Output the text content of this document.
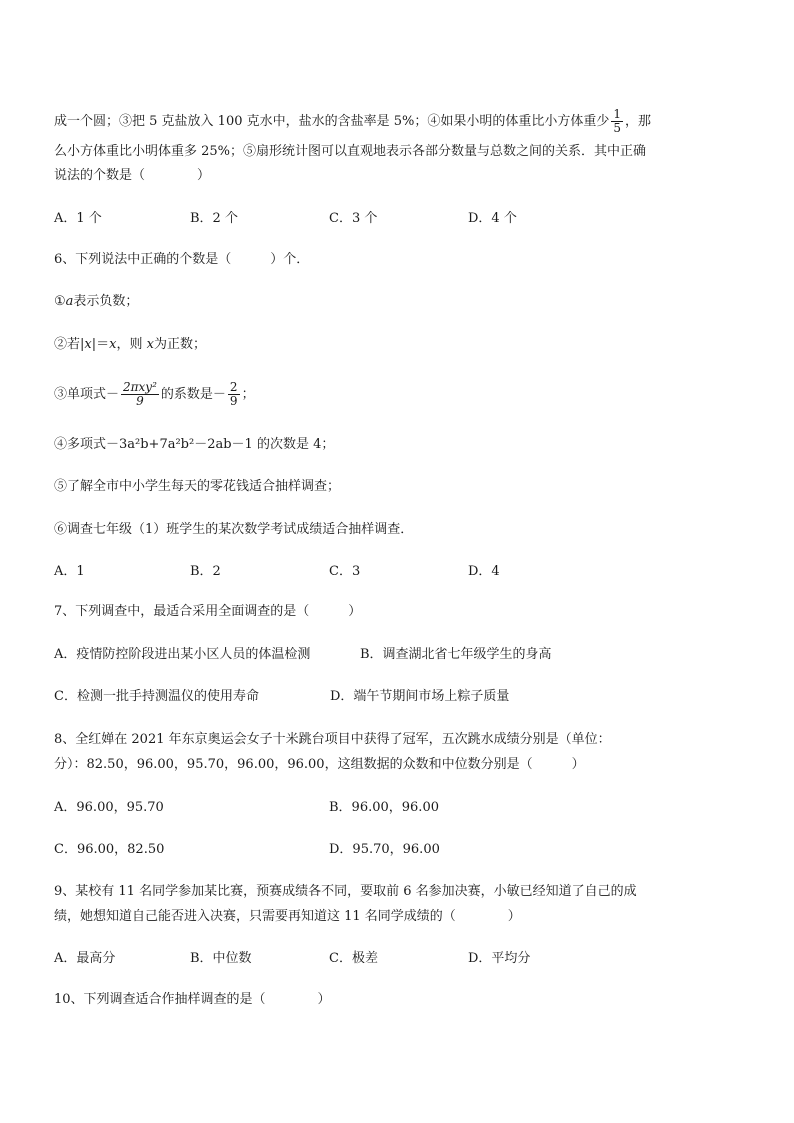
成一个圆；③把 5 克盐放入 100 克水中，盐水的含盐率是 5%；④如果小明的体重比小方体重少 $\frac{1}{5}$ ，那
么小方体重比小明体重多 25%；⑤扇形统计图可以直观地表示各部分数量与总数之间的关系．其中正确
说法的个数是（　　　　）
A．1 个	B．2 个	C．3 个	D．4 个
6、下列说法中正确的个数是（　　　）个．
①a表示负数；
②若|x|＝x，则 x为正数；
③单项式－ $\frac{\text{2πxy²}}{9}$ 的系数是－ $\frac{2}{9}$ ；
④多项式－3a²b+7a²b²－2ab－1 的次数是 4；
⑤了解全市中小学生每天的零花钱适合抽样调查；
⑥调查七年级（1）班学生的某次数学考试成绩适合抽样调查．
A．1	B．2	C．3	D．4
7、下列调查中，最适合采用全面调查的是（　　　）
A．疫情防控阶段进出某小区人员的体温检测	B．调查湖北省七年级学生的身高
C．检测一批手持测温仪的使用寿命	D．端午节期间市场上粽子质量
8、全红婵在 2021 年东京奥运会女子十米跳台项目中获得了冠军，五次跳水成绩分别是（单位：
分）：82.50，96.00，95.70，96.00，96.00，这组数据的众数和中位数分别是（　　　）
A．96.00，95.70	B．96.00，96.00
C．96.00，82.50	D．95.70，96.00
9、某校有 11 名同学参加某比赛，预赛成绩各不同，要取前 6 名参加决赛，小敏已经知道了自己的成
绩，她想知道自己能否进入决赛，只需要再知道这 11 名同学成绩的（　　　　）
A．最高分	B．中位数	C．极差	D．平均分
10、下列调查适合作抽样调查的是（　　　　）
